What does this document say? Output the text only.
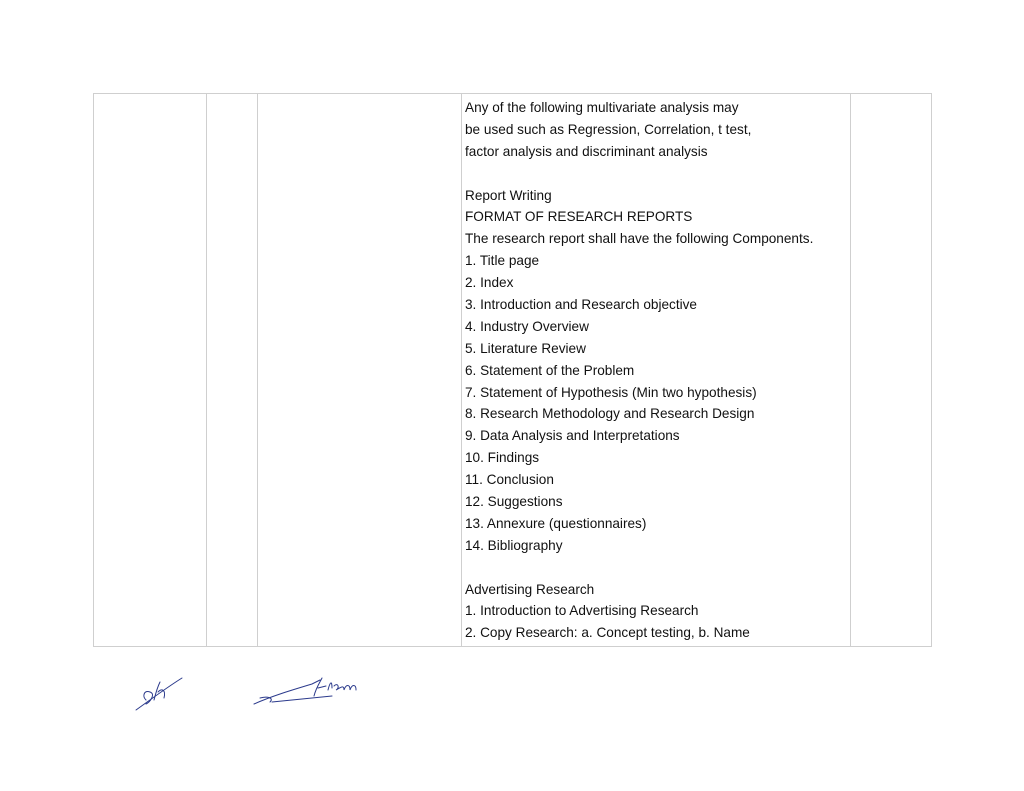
Any of the following multivariate analysis may
be used such as Regression, Correlation, t test,
factor analysis and discriminant analysis
Report Writing
FORMAT OF RESEARCH REPORTS
The research report shall have the following Components.
1. Title page
2. Index
3. Introduction and Research objective
4. Industry Overview
5. Literature Review
6. Statement of the Problem
7. Statement of Hypothesis (Min two hypothesis)
8. Research Methodology and Research Design
9. Data Analysis and Interpretations
10. Findings
11. Conclusion
12. Suggestions
13. Annexure (questionnaires)
14. Bibliography
Advertising Research
1. Introduction to Advertising Research
2. Copy Research: a. Concept testing, b. Name
